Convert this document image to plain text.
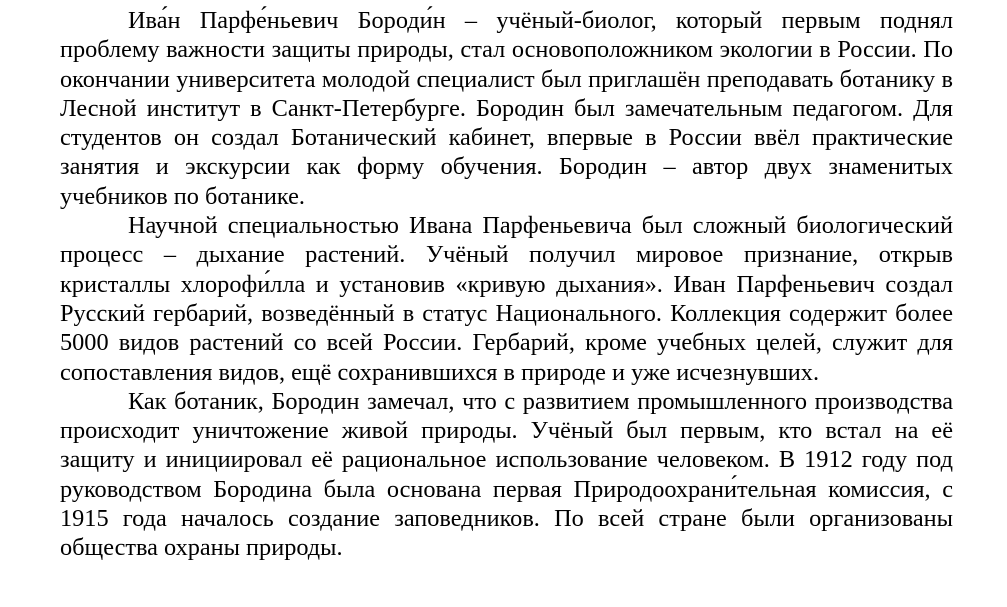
Ива́н Парфе́ньевич Бороди́н – учёный-биолог, который первым поднял проблему важности защиты природы, стал основоположником экологии в России. По окончании университета молодой специалист был приглашён преподавать ботанику в Лесной институт в Санкт-Петербурге. Бородин был замечательным педагогом. Для студентов он создал Ботанический кабинет, впервые в России ввёл практические занятия и экскурсии как форму обучения. Бородин – автор двух знаменитых учебников по ботанике.

Научной специальностью Ивана Парфеньевича был сложный биологический процесс – дыхание растений. Учёный получил мировое признание, открыв кристаллы хлорофи́лла и установив «кривую дыхания». Иван Парфеньевич создал Русский гербарий, возведённый в статус Национального. Коллекция содержит более 5000 видов растений со всей России. Гербарий, кроме учебных целей, служит для сопоставления видов, ещё сохранившихся в природе и уже исчезнувших.

Как ботаник, Бородин замечал, что с развитием промышленного производства происходит уничтожение живой природы. Учёный был первым, кто встал на её защиту и инициировал её рациональное использование человеком. В 1912 году под руководством Бородина была основана первая Природоохрани́тельная комиссия, с 1915 года началось создание заповедников. По всей стране были организованы общества охраны природы.
